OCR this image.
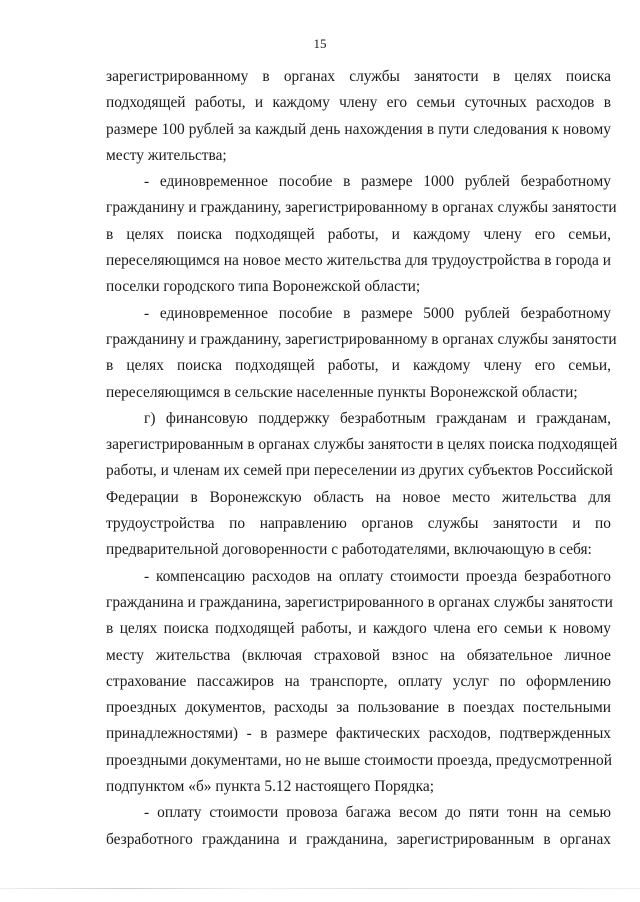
15
зарегистрированному в органах службы занятости в целях поиска
подходящей работы, и каждому члену его семьи суточных расходов в
размере 100 рублей за каждый день нахождения в пути следования к новому
месту жительства;
- единовременное пособие в размере 1000 рублей безработному
гражданину и гражданину, зарегистрированному в органах службы занятости
в целях поиска подходящей работы, и каждому члену его семьи,
переселяющимся на новое место жительства для трудоустройства в города и
поселки городского типа Воронежской области;
- единовременное пособие в размере 5000 рублей безработному
гражданину и гражданину, зарегистрированному в органах службы занятости
в целях поиска подходящей работы, и каждому члену его семьи,
переселяющимся в сельские населенные пункты Воронежской области;
г) финансовую поддержку безработным гражданам и гражданам,
зарегистрированным в органах службы занятости в целях поиска подходящей
работы, и членам их семей при переселении из других субъектов Российской
Федерации в Воронежскую область на новое место жительства для
трудоустройства по направлению органов службы занятости и по
предварительной договоренности с работодателями, включающую в себя:
- компенсацию расходов на оплату стоимости проезда безработного
гражданина и гражданина, зарегистрированного в органах службы занятости
в целях поиска подходящей работы, и каждого члена его семьи к новому
месту жительства (включая страховой взнос на обязательное личное
страхование пассажиров на транспорте, оплату услуг по оформлению
проездных документов, расходы за пользование в поездах постельными
принадлежностями) - в размере фактических расходов, подтвержденных
проездными документами, но не выше стоимости проезда, предусмотренной
подпунктом «б» пункта 5.12 настоящего Порядка;
- оплату стоимости провоза багажа весом до пяти тонн на семью
безработного гражданина и гражданина, зарегистрированным в органах
